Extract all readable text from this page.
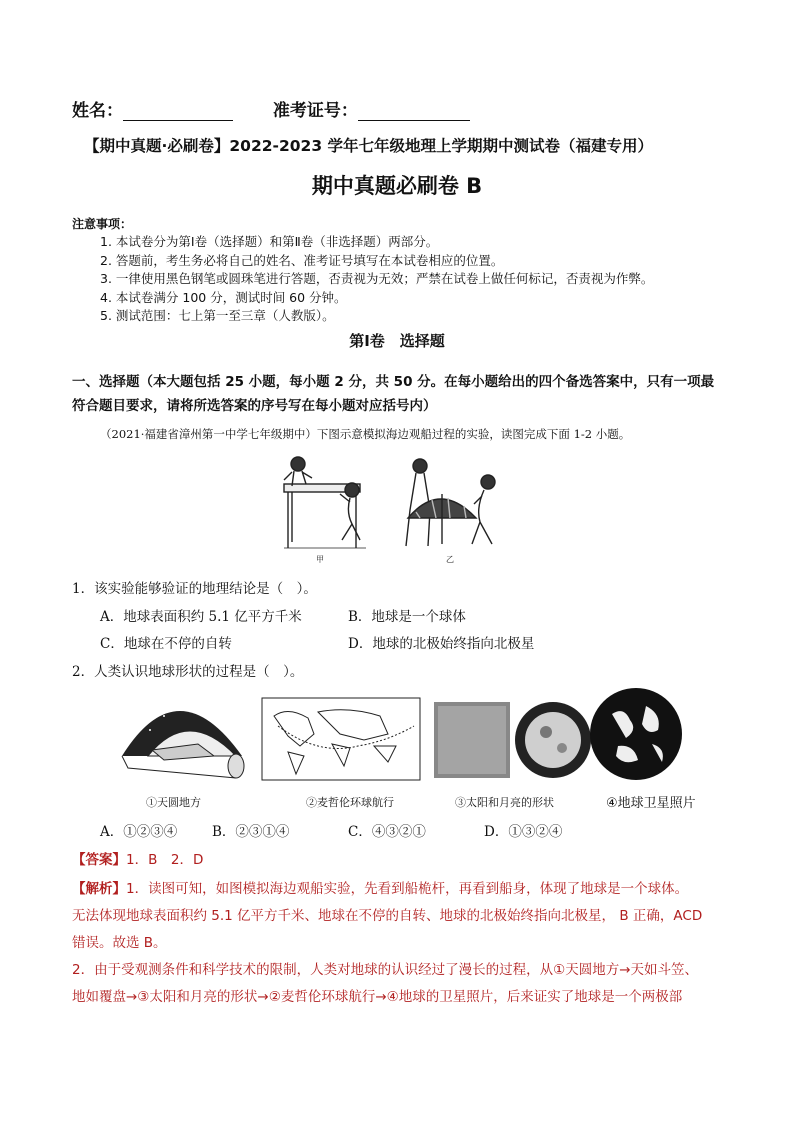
姓名：	准考证号：
【期中真题·必刷卷】2022-2023 学年七年级地理上学期期中测试卷（福建专用）
期中真题必刷卷 B
注意事项：
1. 本试卷分为第Ⅰ卷（选择题）和第Ⅱ卷（非选择题）两部分。
2. 答题前，考生务必将自己的姓名、准考证号填写在本试卷相应的位置。
3. 一律使用黑色钢笔或圆珠笔进行答题，否责视为无效；严禁在试卷上做任何标记，否责视为作弊。
4. 本试卷满分 100 分，测试时间 60 分钟。
5. 测试范围：七上第一至三章（人教版）。
第Ⅰ卷　选择题
一、选择题（本大题包括 25 小题，每小题 2 分，共 50 分。在每小题给出的四个备选答案中，只有一项最
符合题目要求，请将所选答案的序号写在每小题对应括号内）
（2021·福建省漳州第一中学七年级期中）下图示意模拟海边观船过程的实验，读图完成下面 1-2 小题。
甲	乙
1．该实验能够验证的地理结论是（　）。
A．地球表面积约 5.1 亿平方千米	B．地球是一个球体
C．地球在不停的自转	D．地球的北极始终指向北极星
2．人类认识地球形状的过程是（　）。
①天圆地方	②麦哲伦环球航行	③太阳和月亮的形状	④地球卫星照片
A．①②③④	B．②③①④	C．④③②①	D．①③②④
【答案】1．B　2．D
【解析】1．读图可知，如图模拟海边观船实验，先看到船桅杆，再看到船身，体现了地球是一个球体。
无法体现地球表面积约 5.1 亿平方千米、地球在不停的自转、地球的北极始终指向北极星， B 正确，ACD
错误。故选 B。
2．由于受观测条件和科学技术的限制，人类对地球的认识经过了漫长的过程，从①天圆地方→天如斗笠、
地如覆盘→③太阳和月亮的形状→②麦哲伦环球航行→④地球的卫星照片，后来证实了地球是一个两极部
